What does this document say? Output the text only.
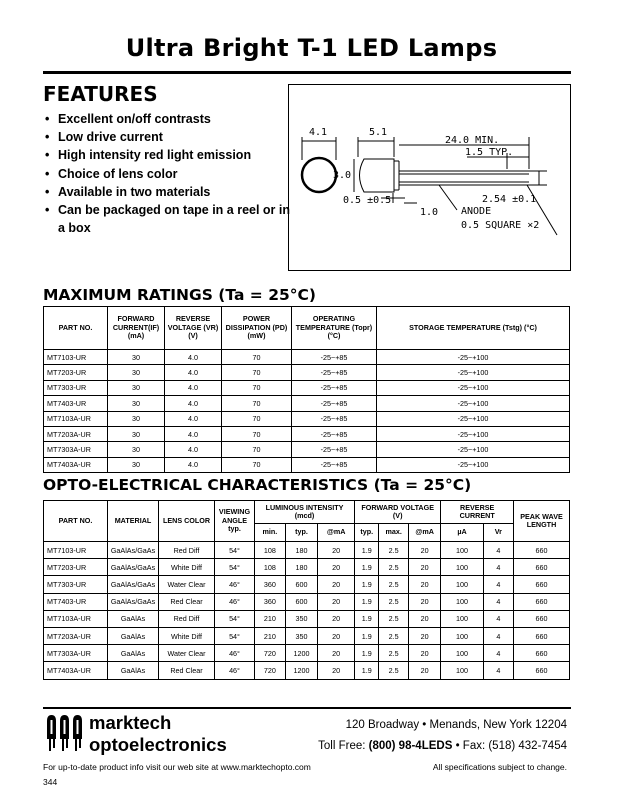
Ultra Bright T-1 LED Lamps
FEATURES
• Excellent on/off contrasts
• Low drive current
• High intensity red light emission
• Choice of lens color
• Available in two materials
• Can be packaged on tape in a reel or in a box
4.1	5.1
24.0 MIN.
1.5 TYP.
3.0
0.5 ±0.5
1.0
2.54 ±0.1
ANODE
0.5 SQUARE ×2
MAXIMUM RATINGS (Ta = 25°C)
PART NO.	FORWARD CURRENT(IF) (mA)	REVERSE VOLTAGE (VR) (V)	POWER DISSIPATION (PD) (mW)	OPERATING TEMPERATURE (Topr) (°C)	STORAGE TEMPERATURE (Tstg) (°C)
MT7103-UR	30	4.0	70	-25~+85	-25~+100
MT7203-UR	30	4.0	70	-25~+85	-25~+100
MT7303-UR	30	4.0	70	-25~+85	-25~+100
MT7403-UR	30	4.0	70	-25~+85	-25~+100
MT7103A-UR	30	4.0	70	-25~+85	-25~+100
MT7203A-UR	30	4.0	70	-25~+85	-25~+100
MT7303A-UR	30	4.0	70	-25~+85	-25~+100
MT7403A-UR	30	4.0	70	-25~+85	-25~+100
OPTO-ELECTRICAL CHARACTERISTICS (Ta = 25°C)
PART NO.	MATERIAL	LENS COLOR	VIEWING ANGLE typ.	LUMINOUS INTENSITY (mcd)			FORWARD VOLTAGE (V)			REVERSE CURRENT		PEAK WAVE LENGTH
				min.	typ.	@mA	typ.	max.	@mA	µA	Vr	
MT7103-UR	GaAlAs/GaAs	Red Diff	54°	108	180	20	1.9	2.5	20	100	4	660
MT7203-UR	GaAlAs/GaAs	White Diff	54°	108	180	20	1.9	2.5	20	100	4	660
MT7303-UR	GaAlAs/GaAs	Water Clear	46°	360	600	20	1.9	2.5	20	100	4	660
MT7403-UR	GaAlAs/GaAs	Red Clear	46°	360	600	20	1.9	2.5	20	100	4	660
MT7103A-UR	GaAlAs	Red Diff	54°	210	350	20	1.9	2.5	20	100	4	660
MT7203A-UR	GaAlAs	White Diff	54°	210	350	20	1.9	2.5	20	100	4	660
MT7303A-UR	GaAlAs	Water Clear	46°	720	1200	20	1.9	2.5	20	100	4	660
MT7403A-UR	GaAlAs	Red Clear	46°	720	1200	20	1.9	2.5	20	100	4	660
marktech
optoelectronics
120 Broadway • Menands, New York 12204
Toll Free: (800) 98-4LEDS • Fax: (518) 432-7454
For up-to-date product info visit our web site at www.marktechopto.com	All specifications subject to change.
344
